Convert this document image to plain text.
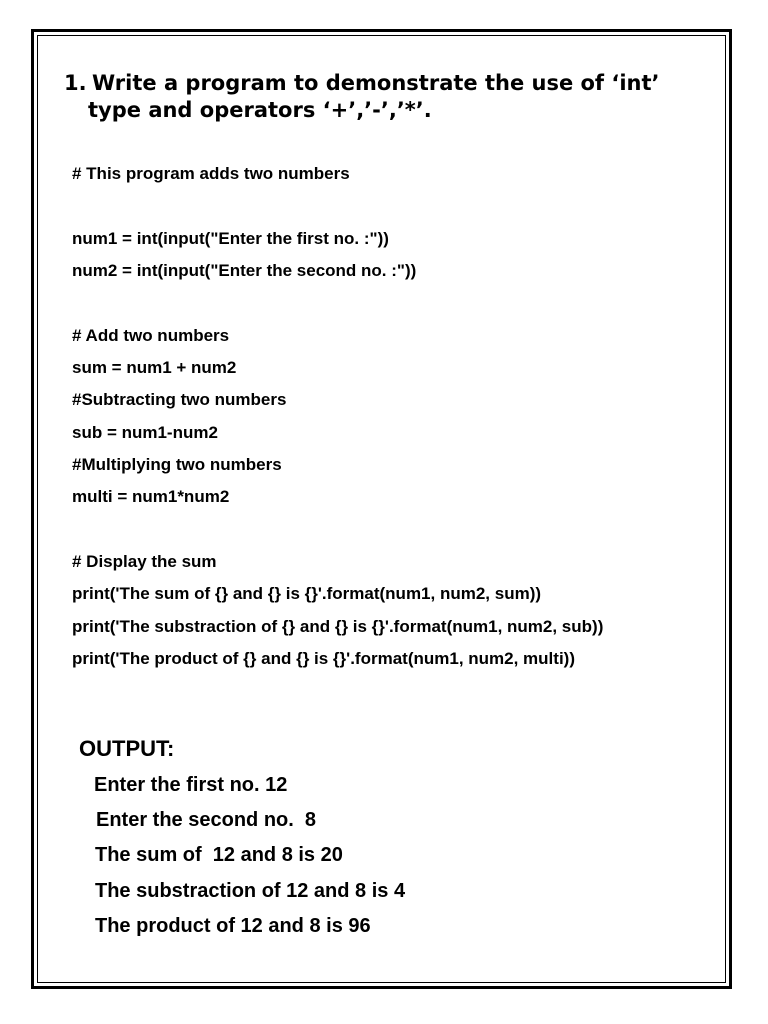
1. Write a program to demonstrate the use of ‘int’
type and operators ‘+’,’-’,’*’.
# This program adds two numbers
num1 = int(input("Enter the first no. :"))
num2 = int(input("Enter the second no. :"))
# Add two numbers
sum = num1 + num2
#Subtracting two numbers
sub = num1-num2
#Multiplying two numbers
multi = num1*num2
# Display the sum
print('The sum of {} and {} is {}'.format(num1, num2, sum))
print('The substraction of {} and {} is {}'.format(num1, num2, sub))
print('The product of {} and {} is {}'.format(num1, num2, multi))
OUTPUT:
Enter the first no. 12
Enter the second no.  8
The sum of  12 and 8 is 20
The substraction of 12 and 8 is 4
The product of 12 and 8 is 96
